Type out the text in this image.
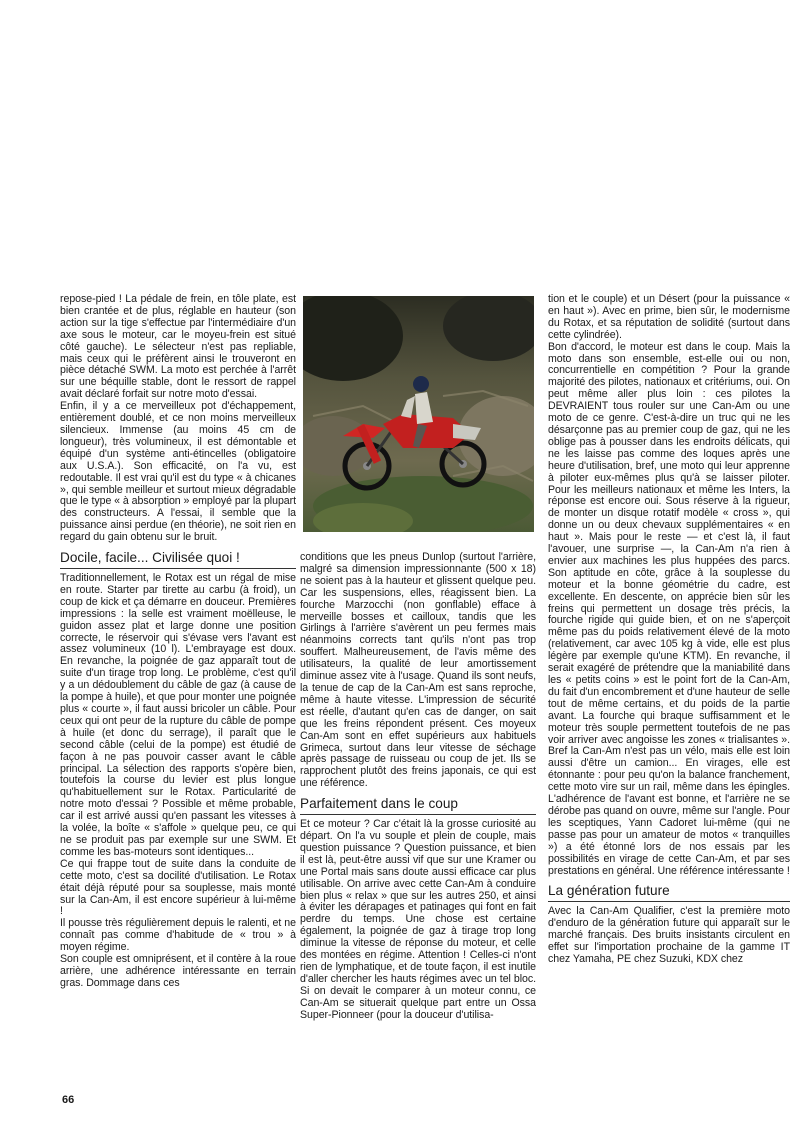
repose-pied ! La pédale de frein, en tôle plate, est bien crantée et de plus, réglable en hauteur (son action sur la tige s'effectue par l'intermédiaire d'un axe sous le moteur, car le moyeu-frein est situé côté gauche). Le sélecteur n'est pas repliable, mais ceux qui le préfèrent ainsi le trouveront en pièce détaché SWM. La moto est perchée à l'arrêt sur une béquille stable, dont le ressort de rappel avait déclaré forfait sur notre moto d'essai.

Enfin, il y a ce merveilleux pot d'échappement, entièrement doublé, et ce non moins merveilleux silencieux. Immense (au moins 45 cm de longueur), très volumineux, il est démontable et équipé d'un système anti-étincelles (obligatoire aux U.S.A.). Son efficacité, on l'a vu, est redoutable. Il est vrai qu'il est du type « à chicanes », qui semble meilleur et surtout mieux dégradable que le type « à absorption » employé par la plupart des constructeurs. A l'essai, il semble que la puissance ainsi perdue (en théorie), ne soit rien en regard du gain obtenu sur le bruit.

Docile, facile... Civilisée quoi !

Traditionnellement, le Rotax est un régal de mise en route. Starter par tirette au carbu (à froid), un coup de kick et ça démarre en douceur. Premières impressions : la selle est vraiment moëlleuse, le guidon assez plat et large donne une position correcte, le réservoir qui s'évase vers l'avant est assez volumineux (10 l). L'embrayage est doux. En revanche, la poignée de gaz apparaît tout de suite d'un tirage trop long. Le problème, c'est qu'il y a un dédoublement du câble de gaz (à cause de la pompe à huile), et que pour monter une poignée plus « courte », il faut aussi bricoler un câble. Pour ceux qui ont peur de la rupture du câble de pompe à huile (et donc du serrage), il paraît que le second câble (celui de la pompe) est étudié de façon à ne pas pouvoir casser avant le câble principal. La sélection des rapports s'opère bien, toutefois la course du levier est plus longue qu'habituellement sur le Rotax. Particularité de notre moto d'essai ? Possible et même probable, car il est arrivé aussi qu'en passant les vitesses à la volée, la boîte « s'affole » quelque peu, ce qui ne se produit pas par exemple sur une SWM. Et comme les bas-moteurs sont identiques...

Ce qui frappe tout de suite dans la conduite de cette moto, c'est sa docilité d'utilisation. Le Rotax était déjà réputé pour sa souplesse, mais monté sur la Can-Am, il est encore supérieur à lui-même !

Il pousse très régulièrement depuis le ralenti, et ne connaît pas comme d'habitude de « trou » à moyen régime.

Son couple est omniprésent, et il contère à la roue arrière, une adhérence intéressante en terrain gras. Dommage dans ces

conditions que les pneus Dunlop (surtout l'arrière, malgré sa dimension impressionnante (500 x 18) ne soient pas à la hauteur et glissent quelque peu. Car les suspensions, elles, réagissent bien. La fourche Marzocchi (non gonflable) efface à merveille bosses et cailloux, tandis que les Girlings à l'arrière s'avèrent un peu fermes mais néanmoins corrects tant qu'ils n'ont pas trop souffert. Malheureusement, de l'avis même des utilisateurs, la qualité de leur amortissement diminue assez vite à l'usage. Quand ils sont neufs, la tenue de cap de la Can-Am est sans reproche, même à haute vitesse. L'impression de sécurité est réelle, d'autant qu'en cas de danger, on sait que les freins répondent présent. Ces moyeux Can-Am sont en effet supérieurs aux habituels Grimeca, surtout dans leur vitesse de séchage après passage de ruisseau ou coup de jet. Ils se rapprochent plutôt des freins japonais, ce qui est une référence.

Parfaitement dans le coup

Et ce moteur ? Car c'était là la grosse curiosité au départ. On l'a vu souple et plein de couple, mais question puissance ? Question puissance, et bien il est là, peut-être aussi vif que sur une Kramer ou une Portal mais sans doute aussi efficace car plus utilisable. On arrive avec cette Can-Am à conduire bien plus « relax » que sur les autres 250, et ainsi à éviter les dérapages et patinages qui font en fait perdre du temps. Une chose est certaine également, la poignée de gaz à tirage trop long diminue la vitesse de réponse du moteur, et celle des montées en régime. Attention ! Celles-ci n'ont rien de lymphatique, et de toute façon, il est inutile d'aller chercher les hauts régimes avec un tel bloc. Si on devait le comparer à un moteur connu, ce Can-Am se situerait quelque part entre un Ossa Super-Pionneer (pour la douceur d'utilisa-

tion et le couple) et un Désert (pour la puissance « en haut »). Avec en prime, bien sûr, le modernisme du Rotax, et sa réputation de solidité (surtout dans cette cylindrée).

Bon d'accord, le moteur est dans le coup. Mais la moto dans son ensemble, est-elle oui ou non, concurrentielle en compétition ? Pour la grande majorité des pilotes, nationaux et critériums, oui. On peut même aller plus loin : ces pilotes la DEVRAIENT tous rouler sur une Can-Am ou une moto de ce genre. C'est-à-dire un truc qui ne les désarçonne pas au premier coup de gaz, qui ne les oblige pas à pousser dans les endroits délicats, qui ne les laisse pas comme des loques après une heure d'utilisation, bref, une moto qui leur apprenne à piloter eux-mêmes plus qu'à se laisser piloter. Pour les meilleurs nationaux et même les Inters, la réponse est encore oui. Sous réserve à la rigueur, de monter un disque rotatif modèle « cross », qui donne un ou deux chevaux supplémentaires « en haut ». Mais pour le reste — et c'est là, il faut l'avouer, une surprise —, la Can-Am n'a rien à envier aux machines les plus huppées des parcs. Son aptitude en côte, grâce à la souplesse du moteur et la bonne géométrie du cadre, est excellente. En descente, on apprécie bien sûr les freins qui permettent un dosage très précis, la fourche rigide qui guide bien, et on ne s'aperçoit même pas du poids relativement élevé de la moto (relativement, car avec 105 kg à vide, elle est plus légère par exemple qu'une KTM). En revanche, il serait exagéré de prétendre que la maniabilité dans les « petits coins » est le point fort de la Can-Am, du fait d'un encombrement et d'une hauteur de selle tout de même certains, et du poids de la partie avant. La fourche qui braque suffisamment et le moteur très souple permettent toutefois de ne pas voir arriver avec angoisse les zones « trialisantes ». Bref la Can-Am n'est pas un vélo, mais elle est loin aussi d'être un camion... En virages, elle est étonnante : pour peu qu'on la balance franchement, cette moto vire sur un rail, même dans les épingles. L'adhérence de l'avant est bonne, et l'arrière ne se dérobe pas quand on ouvre, même sur l'angle. Pour les sceptiques, Yann Cadoret lui-même (qui ne passe pas pour un amateur de motos « tranquilles ») a été étonné lors de nos essais par les possibilités en virage de cette Can-Am, et par ses prestations en général. Une référence intéressante !

La génération future

Avec la Can-Am Qualifier, c'est la première moto d'enduro de la génération future qui apparaît sur le marché français. Des bruits insistants circulent en effet sur l'importation prochaine de la gamme IT chez Yamaha, PE chez Suzuki, KDX chez

66
